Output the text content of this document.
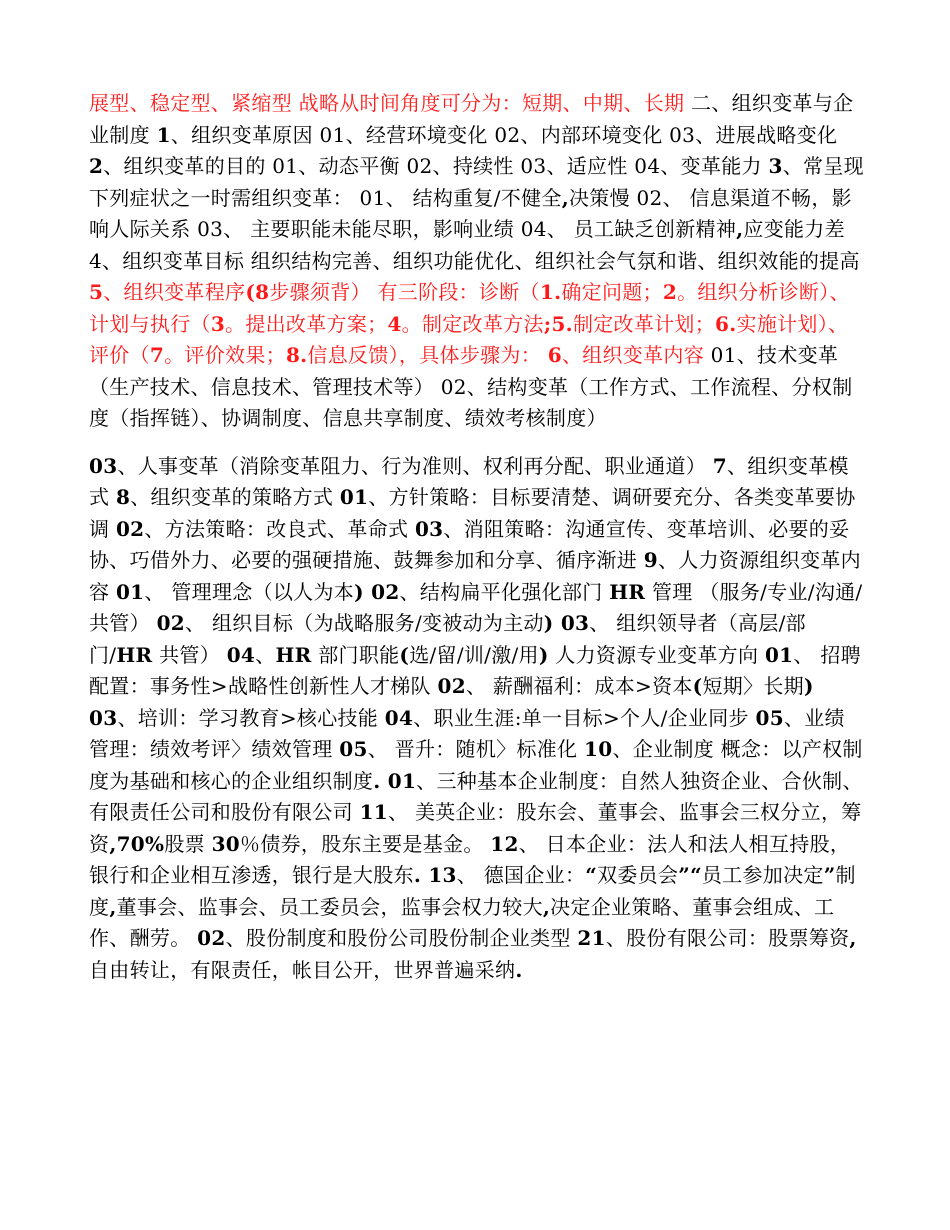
展型、稳定型、紧缩型 战略从时间角度可分为：短期、中期、长期 二、组织变革与企业制度 1、组织变革原因 01、经营环境变化 02、内部环境变化 03、进展战略变化 2、组织变革的目的 01、动态平衡 02、持续性 03、适应性 04、变革能力 3、常呈现下列症状之一时需组织变革： 01、 结构重复/不健全,决策慢 02、 信息渠道不畅，影响人际关系 03、 主要职能未能尽职，影响业绩 04、 员工缺乏创新精神,应变能力差 4、组织变革目标 组织结构完善、组织功能优化、组织社会气氛和谐、组织效能的提高 5、组织变革程序(8步骤须背） 有三阶段：诊断（1.确定问题；2。组织分析诊断）、计划与执行（3。提出改革方案；4。制定改革方法;5.制定改革计划；6.实施计划）、评价（7。评价效果；8.信息反馈），具体步骤为： 6、组织变革内容 01、技术变革（生产技术、信息技术、管理技术等） 02、结构变革（工作方式、工作流程、分权制度（指挥链）、协调制度、信息共享制度、绩效考核制度）

03、人事变革（消除变革阻力、行为准则、权利再分配、职业通道） 7、组织变革模式 8、组织变革的策略方式 01、方针策略：目标要清楚、调研要充分、各类变革要协调 02、方法策略：改良式、革命式 03、消阻策略：沟通宣传、变革培训、必要的妥协、巧借外力、必要的强硬措施、鼓舞参加和分享、循序渐进 9、人力资源组织变革内容 01、 管理理念（以人为本) 02、结构扁平化强化部门 HR 管理 （服务/专业/沟通/共管） 02、 组织目标（为战略服务/变被动为主动) 03、 组织领导者（高层/部门/HR 共管） 04、HR 部门职能(选/留/训/激/用) 人力资源专业变革方向 01、 招聘配置：事务性>战略性创新性人才梯队 02、 薪酬福利：成本>资本(短期〉长期) 03、培训：学习教育>核心技能 04、职业生涯:单一目标>个人/企业同步 05、业绩管理：绩效考评〉绩效管理 05、 晋升：随机〉标准化 10、企业制度 概念：以产权制度为基础和核心的企业组织制度. 01、三种基本企业制度：自然人独资企业、合伙制、有限责任公司和股份有限公司 11、 美英企业：股东会、董事会、监事会三权分立，筹资,70%股票 30％债券，股东主要是基金。 12、 日本企业：法人和法人相互持股，银行和企业相互渗透，银行是大股东. 13、 德国企业：“双委员会”“员工参加决定”制度,董事会、监事会、员工委员会，监事会权力较大,决定企业策略、董事会组成、工作、酬劳。 02、股份制度和股份公司股份制企业类型 21、股份有限公司：股票筹资,自由转让，有限责任，帐目公开，世界普遍采纳.
